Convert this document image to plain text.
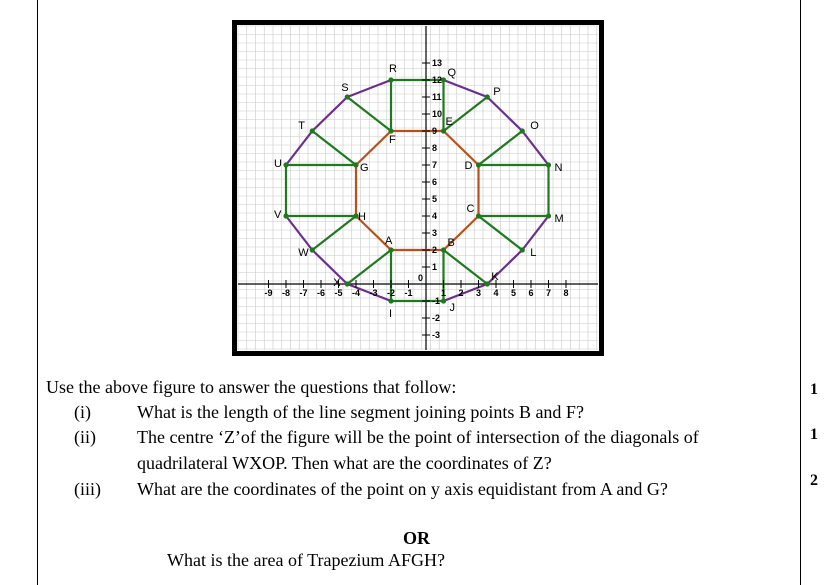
A	B
C
D
E
F
G
H
I	J
K
L
M
N
O
P
Q
R
S
T
U
V
W
X
-9 -8 -7 -6 -5 -4 -3 -2 -1	1 2 3 4 5 6 7 8
-3
-2
-1
0
1
2
3
4
5
6
7
8
9
10
11
12
13
Use the above figure to answer the questions that follow:
(i)	What is the length of the line segment joining points B and F?
1
(ii) The centre ‘Z’of the figure will be the point of intersection of the diagonals of
quadrilateral WXOP. Then what are the coordinates of Z?
1
(iii) What are the coordinates of the point on y axis equidistant from A and G?	2
OR
What is the area of Trapezium AFGH?
